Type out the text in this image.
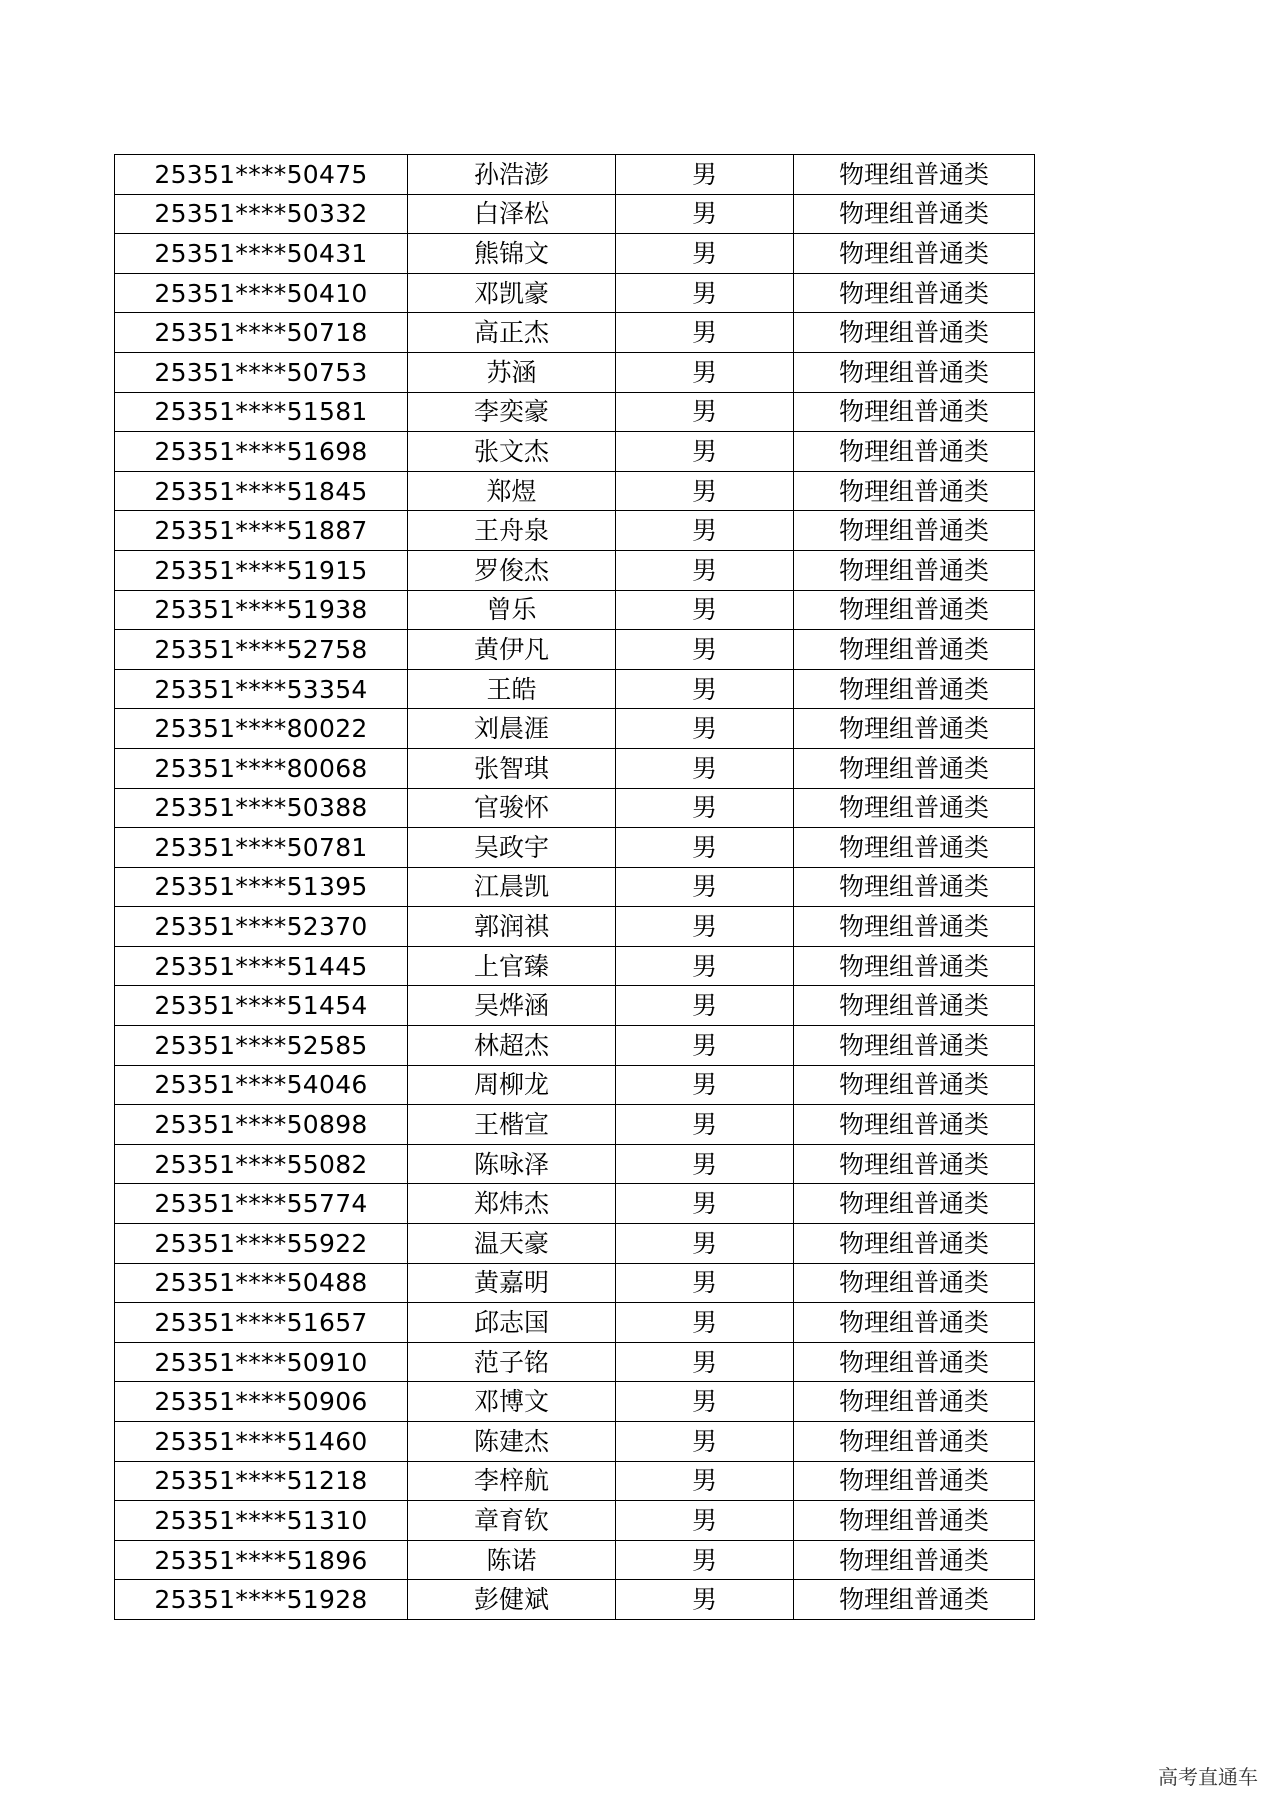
25351****50475	孙浩澎	男	物理组普通类
25351****50332	白泽松	男	物理组普通类
25351****50431	熊锦文	男	物理组普通类
25351****50410	邓凯豪	男	物理组普通类
25351****50718	高正杰	男	物理组普通类
25351****50753	苏涵	男	物理组普通类
25351****51581	李奕豪	男	物理组普通类
25351****51698	张文杰	男	物理组普通类
25351****51845	郑煜	男	物理组普通类
25351****51887	王舟泉	男	物理组普通类
25351****51915	罗俊杰	男	物理组普通类
25351****51938	曾乐	男	物理组普通类
25351****52758	黄伊凡	男	物理组普通类
25351****53354	王皓	男	物理组普通类
25351****80022	刘晨涯	男	物理组普通类
25351****80068	张智琪	男	物理组普通类
25351****50388	官骏怀	男	物理组普通类
25351****50781	吴政宇	男	物理组普通类
25351****51395	江晨凯	男	物理组普通类
25351****52370	郭润祺	男	物理组普通类
25351****51445	上官臻	男	物理组普通类
25351****51454	吴烨涵	男	物理组普通类
25351****52585	林超杰	男	物理组普通类
25351****54046	周柳龙	男	物理组普通类
25351****50898	王楷宣	男	物理组普通类
25351****55082	陈咏泽	男	物理组普通类
25351****55774	郑炜杰	男	物理组普通类
25351****55922	温天豪	男	物理组普通类
25351****50488	黄嘉明	男	物理组普通类
25351****51657	邱志国	男	物理组普通类
25351****50910	范子铭	男	物理组普通类
25351****50906	邓博文	男	物理组普通类
25351****51460	陈建杰	男	物理组普通类
25351****51218	李梓航	男	物理组普通类
25351****51310	章育钦	男	物理组普通类
25351****51896	陈诺	男	物理组普通类
25351****51928	彭健斌	男	物理组普通类
高考直通车
